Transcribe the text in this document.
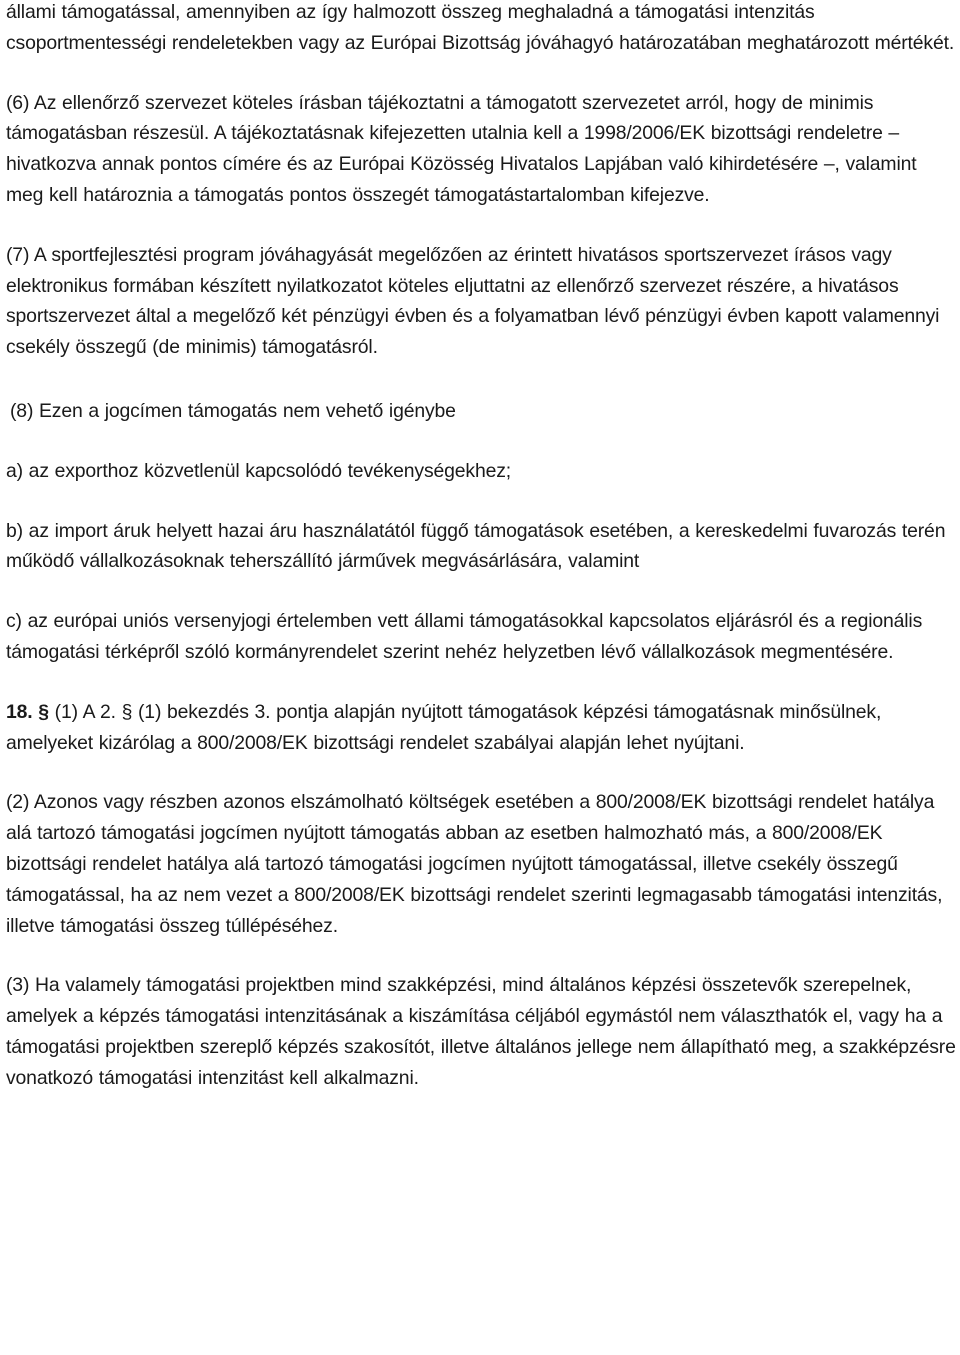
állami támogatással, amennyiben az így halmozott összeg meghaladná a támogatási intenzitás csoportmentességi rendeletekben vagy az Európai Bizottság jóváhagyó határozatában meghatározott mértékét.

(6) Az ellenőrző szervezet köteles írásban tájékoztatni a támogatott szervezetet arról, hogy de minimis támogatásban részesül. A tájékoztatásnak kifejezetten utalnia kell a 1998/2006/EK bizottsági rendeletre – hivatkozva annak pontos címére és az Európai Közösség Hivatalos Lapjában való kihirdetésére –, valamint meg kell határoznia a támogatás pontos összegét támogatástartalomban kifejezve.

(7) A sportfejlesztési program jóváhagyását megelőzően az érintett hivatásos sportszervezet írásos vagy elektronikus formában készített nyilatkozatot köteles eljuttatni az ellenőrző szervezet részére, a hivatásos sportszervezet által a megelőző két pénzügyi évben és a folyamatban lévő pénzügyi évben kapott valamennyi csekély összegű (de minimis) támogatásról.

(8) Ezen a jogcímen támogatás nem vehető igénybe

a) az exporthoz közvetlenül kapcsolódó tevékenységekhez;

b) az import áruk helyett hazai áru használatától függő támogatások esetében, a kereskedelmi fuvarozás terén működő vállalkozásoknak teherszállító járművek megvásárlására, valamint

c) az európai uniós versenyjogi értelemben vett állami támogatásokkal kapcsolatos eljárásról és a regionális támogatási térképről szóló kormányrendelet szerint nehéz helyzetben lévő vállalkozások megmentésére.

18. § (1) A 2. § (1) bekezdés 3. pontja alapján nyújtott támogatások képzési támogatásnak minősülnek, amelyeket kizárólag a 800/2008/EK bizottsági rendelet szabályai alapján lehet nyújtani.

(2) Azonos vagy részben azonos elszámolható költségek esetében a 800/2008/EK bizottsági rendelet hatálya alá tartozó támogatási jogcímen nyújtott támogatás abban az esetben halmozható más, a 800/2008/EK bizottsági rendelet hatálya alá tartozó támogatási jogcímen nyújtott támogatással, illetve csekély összegű támogatással, ha az nem vezet a 800/2008/EK bizottsági rendelet szerinti legmagasabb támogatási intenzitás, illetve támogatási összeg túllépéséhez.

(3) Ha valamely támogatási projektben mind szakképzési, mind általános képzési összetevők szerepelnek, amelyek a képzés támogatási intenzitásának a kiszámítása céljából egymástól nem választhatók el, vagy ha a támogatási projektben szereplő képzés szakosítót, illetve általános jellege nem állapítható meg, a szakképzésre vonatkozó támogatási intenzitást kell alkalmazni.
